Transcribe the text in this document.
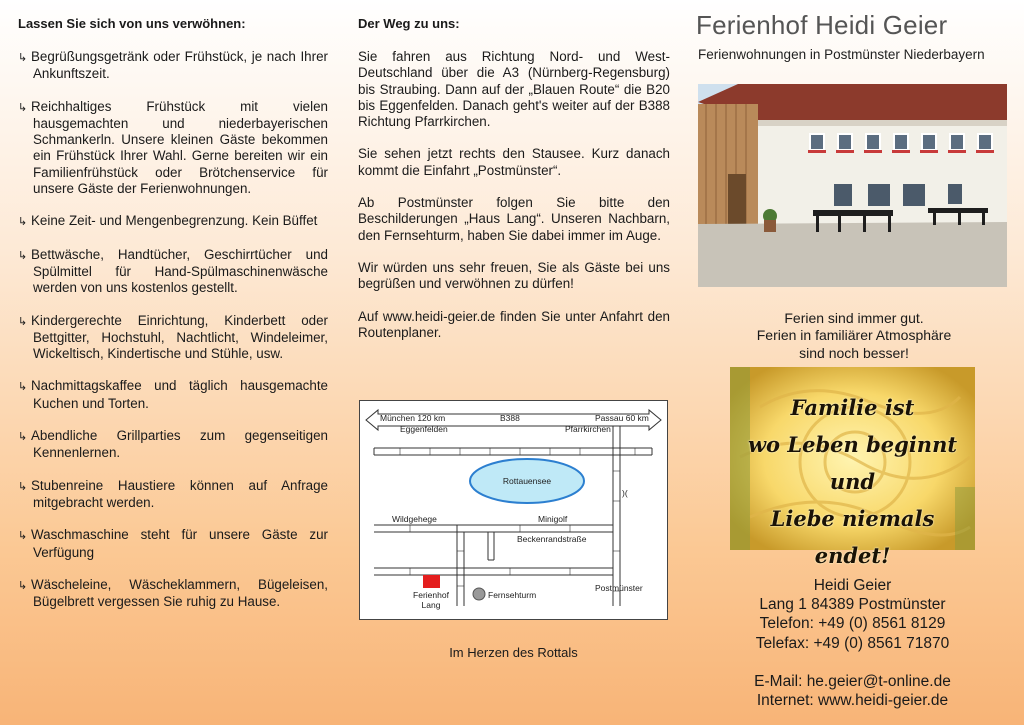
Lassen Sie sich von uns verwöhnen:

↳ Begrüßungsgetränk oder Frühstück, je nach Ihrer Ankunftszeit.

↳ Reichhaltiges Frühstück mit vielen hausgemachten und niederbayerischen Schmankerln. Unsere kleinen Gäste bekommen ein Frühstück Ihrer Wahl. Gerne bereiten wir ein Familienfrühstück oder Brötchenservice für unsere Gäste der Ferienwohnungen.

↳ Keine Zeit- und Mengenbegrenzung. Kein Büffet

↳ Bettwäsche, Handtücher, Geschirrtücher und Spülmittel für Hand-Spülmaschinenwäsche werden von uns kostenlos gestellt.

↳ Kindergerechte Einrichtung, Kinderbett oder Bettgitter, Hochstuhl, Nachtlicht, Windeleimer, Wickeltisch, Kindertische und Stühle, usw.

↳ Nachmittagskaffee und täglich hausgemachte Kuchen und Torten.

↳ Abendliche Grillparties zum gegenseitigen Kennenlernen.

↳ Stubenreine Haustiere können auf Anfrage mitgebracht werden.

↳ Waschmaschine steht für unsere Gäste zur Verfügung

↳ Wäscheleine, Wäscheklammern, Bügeleisen, Bügelbrett vergessen Sie ruhig zu Hause.

Der Weg zu uns:

Sie fahren aus Richtung Nord- und West-Deutschland über die A3 (Nürnberg-Regensburg) bis Straubing. Dann auf der „Blauen Route“ die B20 bis Eggenfelden. Danach geht's weiter auf der B388 Richtung Pfarrkirchen.

Sie sehen jetzt rechts den Stausee. Kurz danach kommt die Einfahrt „Postmünster“.

Ab Postmünster folgen Sie bitte den Beschilderungen „Haus Lang“. Unseren Nachbarn, den Fernsehturm, haben Sie dabei immer im Auge.

Wir würden uns sehr freuen, Sie als Gäste bei uns begrüßen und verwöhnen zu dürfen!

Auf www.heidi-geier.de finden Sie unter Anfahrt den Routenplaner.

München 120 km	B388	Passau 60 km
Eggenfelden	Pfarrkirchen
)(
Rottauensee
Wildgehege	Minigolf
Beckenrandstraße
Postmünster
Ferienhof
Lang
Fernsehturm
Im Herzen des Rottals
Ferienhof Heidi Geier
Ferienwohnungen in Postmünster Niederbayern
Ferien sind immer gut.
Ferien in familiärer Atmosphäre
sind noch besser!
Familie ist
wo Leben beginnt
und
Liebe niemals endet!
Heidi Geier
Lang 1 84389 Postmünster
Telefon: +49 (0) 8561 8129
Telefax: +49 (0) 8561 71870
E-Mail: he.geier@t-online.de
Internet: www.heidi-geier.de
